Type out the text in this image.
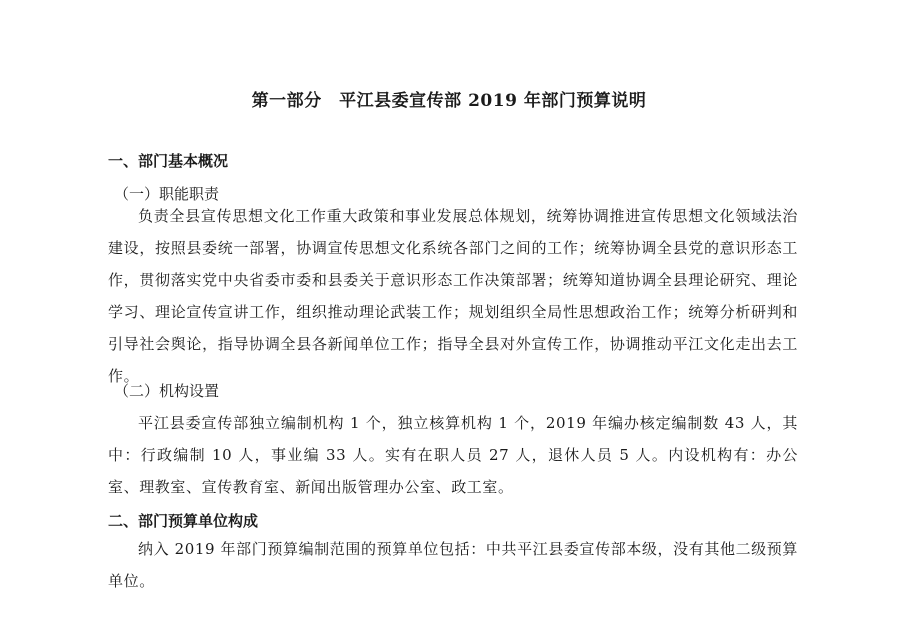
第一部分　平江县委宣传部 2019 年部门预算说明
一、部门基本概况
（一）职能职责

负责全县宣传思想文化工作重大政策和事业发展总体规划，统筹协调推进宣传思想文化领域法治建设，按照县委统一部署，协调宣传思想文化系统各部门之间的工作；统筹协调全县党的意识形态工作，贯彻落实党中央省委市委和县委关于意识形态工作决策部署；统筹知道协调全县理论研究、理论学习、理论宣传宣讲工作，组织推动理论武装工作；规划组织全局性思想政治工作；统筹分析研判和引导社会舆论，指导协调全县各新闻单位工作；指导全县对外宣传工作，协调推动平江文化走出去工作。

（二）机构设置

平江县委宣传部独立编制机构 1 个，独立核算机构 1 个，2019 年编办核定编制数 43 人，其中：行政编制 10 人，事业编 33 人。实有在职人员 27 人，退休人员 5 人。内设机构有：办公室、理教室、宣传教育室、新闻出版管理办公室、政工室。

二、部门预算单位构成

纳入 2019 年部门预算编制范围的预算单位包括：中共平江县委宣传部本级，没有其他二级预算单位。
